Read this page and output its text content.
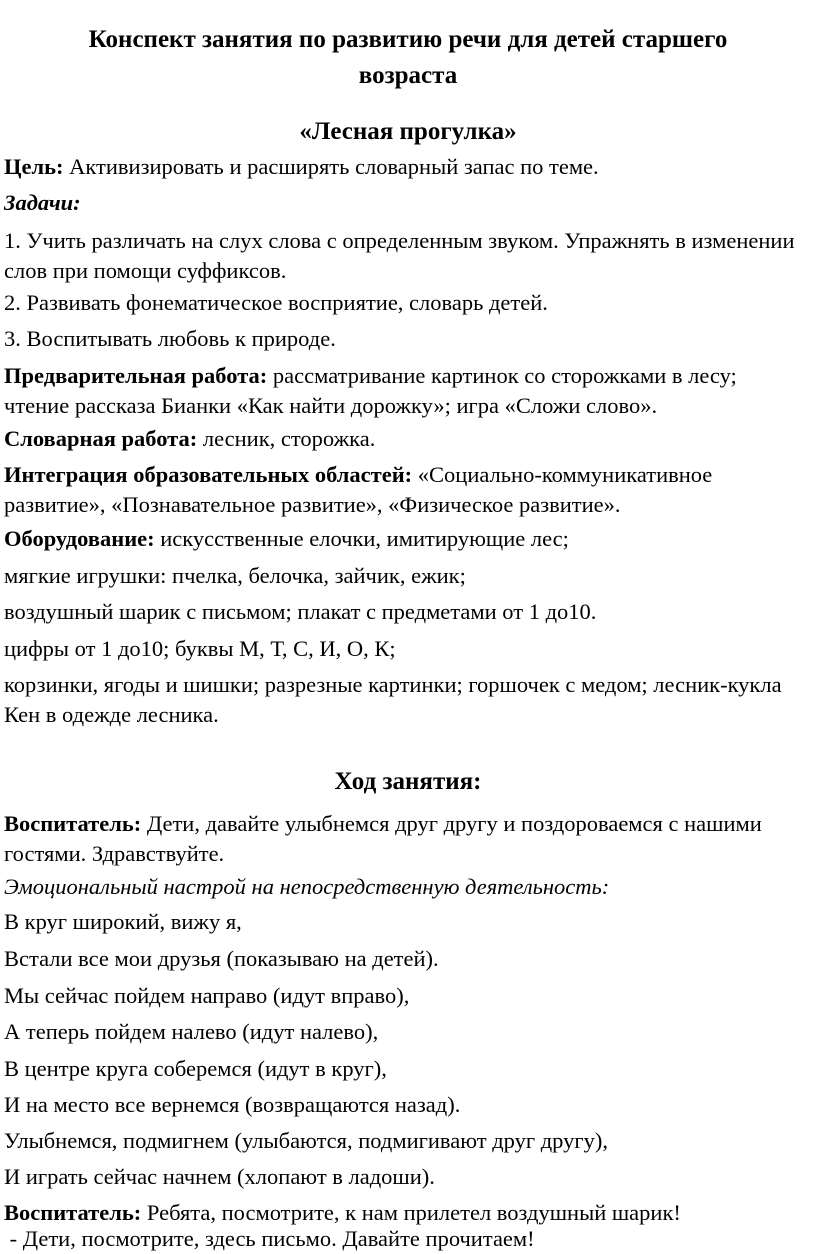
Конспект занятия по развитию речи для детей старшего

возраста

«Лесная прогулка»

Цель: Активизировать и расширять словарный запас по теме.

Задачи:

1. Учить различать на слух слова с определенным звуком. Упражнять в изменении слов при помощи суффиксов.

2. Развивать фонематическое восприятие, словарь детей.

3. Воспитывать любовь к природе.

Предварительная работа: рассматривание картинок со сторожками в лесу; чтение рассказа Бианки «Как найти дорожку»; игра «Сложи слово».

Словарная работа: лесник, сторожка.

Интеграция образовательных областей: «Социально-коммуникативное развитие», «Познавательное развитие», «Физическое развитие».

Оборудование: искусственные елочки, имитирующие лес;

мягкие игрушки: пчелка, белочка, зайчик, ежик;

воздушный шарик с письмом; плакат с предметами от 1 до10.

цифры от 1 до10; буквы М, Т, С, И, О, К;

корзинки, ягоды и шишки; разрезные картинки; горшочек с медом; лесник-кукла Кен в одежде лесника.

Ход занятия:

Воспитатель: Дети, давайте улыбнемся друг другу и поздороваемся с нашими гостями. Здравствуйте.

Эмоциональный настрой на непосредственную деятельность:

В круг широкий, вижу я,

Встали все мои друзья (показываю на детей).

Мы сейчас пойдем направо (идут вправо),

А теперь пойдем налево (идут налево),

В центре круга соберемся (идут в круг),

И на место все вернемся (возвращаются назад).

Улыбнемся, подмигнем (улыбаются, подмигивают друг другу),

И играть сейчас начнем (хлопают в ладоши).

Воспитатель: Ребята, посмотрите, к нам прилетел воздушный шарик!

- Дети, посмотрите, здесь письмо. Давайте прочитаем!
